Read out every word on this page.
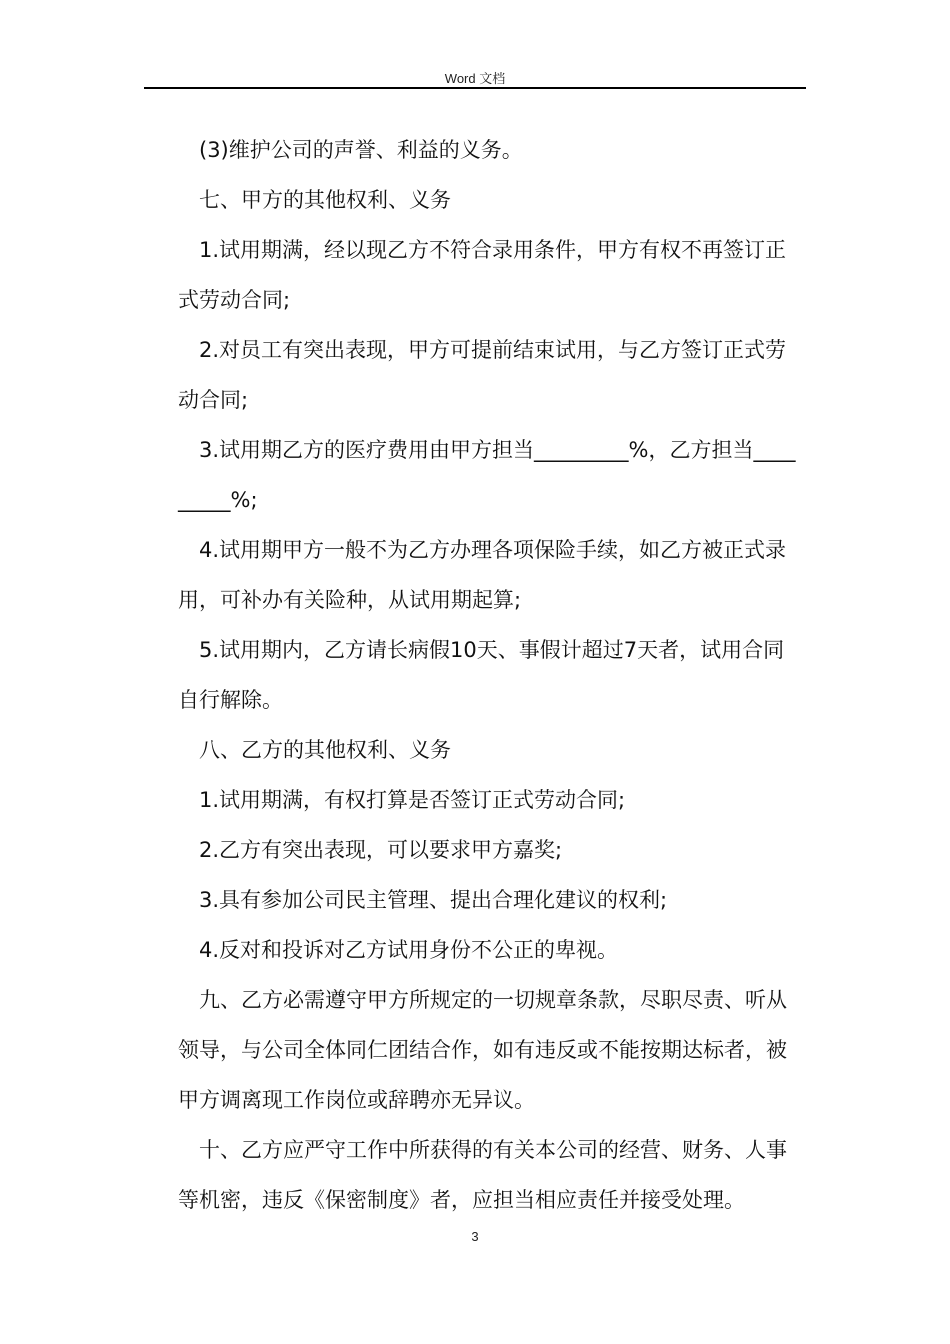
Word 文档

(3)维护公司的声誉、利益的义务。

七、甲方的其他权利、义务

1.试用期满，经以现乙方不符合录用条件，甲方有权不再签订正式劳动合同;

2.对员工有突出表现，甲方可提前结束试用，与乙方签订正式劳动合同;

3.试用期乙方的医疗费用由甲方担当_________%，乙方担当_________%;

4.试用期甲方一般不为乙方办理各项保险手续，如乙方被正式录用，可补办有关险种，从试用期起算;

5.试用期内，乙方请长病假10天、事假计超过7天者，试用合同自行解除。

八、乙方的其他权利、义务

1.试用期满，有权打算是否签订正式劳动合同;

2.乙方有突出表现，可以要求甲方嘉奖;

3.具有参加公司民主管理、提出合理化建议的权利;

4.反对和投诉对乙方试用身份不公正的卑视。

九、乙方必需遵守甲方所规定的一切规章条款，尽职尽责、听从领导，与公司全体同仁团结合作，如有违反或不能按期达标者，被甲方调离现工作岗位或辞聘亦无异议。

十、乙方应严守工作中所获得的有关本公司的经营、财务、人事等机密，违反《保密制度》者，应担当相应责任并接受处理。

3
